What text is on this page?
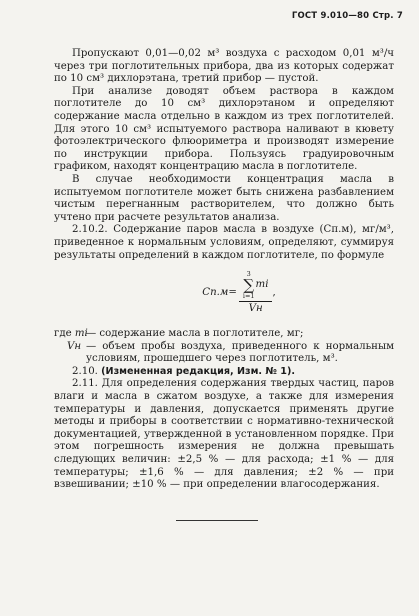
ГОСТ 9.010—80 Стр. 7

Пропускают 0,01—0,02 м³ воздуха с расходом 0,01 м³/ч через три поглотительных прибора, два из которых содержат по 10 см³ дихлорэтана, третий прибор — пустой.

При анализе доводят объем раствора в каждом поглотителе до 10 см³ дихлорэтаном и определяют содержание масла отдельно в каждом из трех поглотителей. Для этого 10 см³ испытуемого раствора наливают в кювету фотоэлектрического флюориметра и производят измерение по инструкции прибора. Пользуясь градуировочным графиком, находят концентрацию масла в поглотителе.

В случае необходимости концентрация масла в испытуемом поглотителе может быть снижена разбавлением чистым перегнанным растворителем, что должно быть учтено при расчете результатов анализа.

2.10.2. Содержание паров масла в воздухе (Cп.м), мг/м³, приведенное к нормальным условиям, определяют, суммируя результаты определений в каждом поглотителе, по формуле

Cп.м= 3
∑
i=1
mi
Vн ,
где mi
— содержание масла в поглотителе, мг;
Vн — объем пробы воздуха, приведенного к нормальным условиям, прошедшего через поглотитель, м³.

2.10. (Измененная редакция, Изм. № 1).

2.11. Для определения содержания твердых частиц, паров влаги и масла в сжатом воздухе, а также для измерения температуры и давления, допускается применять другие методы и приборы в соответствии с нормативно-технической документацией, утвержденной в установленном порядке. При этом погрешность измерения не должна превышать следующих величин: ±2,5 % — для расхода; ±1 % — для температуры; ±1,6 % — для давления; ±2 % — при взвешивании; ±10 % — при определении влагосодержания.
